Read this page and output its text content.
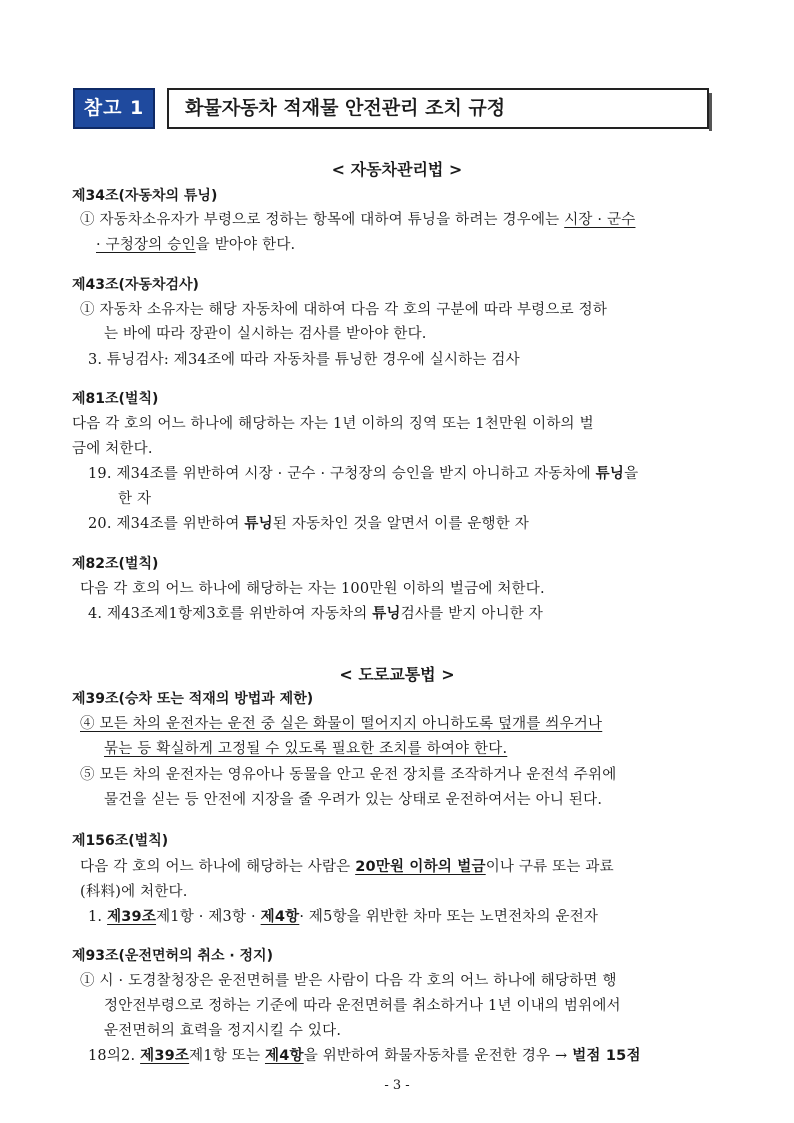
참고 1	화물자동차 적재물 안전관리 조치 규정
< 자동차관리법 >
제34조(자동차의 튜닝)
① 자동차소유자가 부령으로 정하는 항목에 대하여 튜닝을 하려는 경우에는 시장 · 군수
· 구청장의 승인을 받아야 한다.
제43조(자동차검사)
① 자동차 소유자는 해당 자동차에 대하여 다음 각 호의 구분에 따라 부령으로 정하
는 바에 따라 장관이 실시하는 검사를 받아야 한다.
3. 튜닝검사: 제34조에 따라 자동차를 튜닝한 경우에 실시하는 검사
제81조(벌칙)
다음 각 호의 어느 하나에 해당하는 자는 1년 이하의 징역 또는 1천만원 이하의 벌
금에 처한다.
19. 제34조를 위반하여 시장 · 군수 · 구청장의 승인을 받지 아니하고 자동차에 튜닝을
한 자
20. 제34조를 위반하여 튜닝된 자동차인 것을 알면서 이를 운행한 자
제82조(벌칙)
다음 각 호의 어느 하나에 해당하는 자는 100만원 이하의 벌금에 처한다.
4. 제43조제1항제3호를 위반하여 자동차의 튜닝검사를 받지 아니한 자
< 도로교통법 >
제39조(승차 또는 적재의 방법과 제한)
④ 모든 차의 운전자는 운전 중 실은 화물이 떨어지지 아니하도록 덮개를 씌우거나
묶는 등 확실하게 고정될 수 있도록 필요한 조치를 하여야 한다.
⑤ 모든 차의 운전자는 영유아나 동물을 안고 운전 장치를 조작하거나 운전석 주위에
물건을 싣는 등 안전에 지장을 줄 우려가 있는 상태로 운전하여서는 아니 된다.
제156조(벌칙)
다음 각 호의 어느 하나에 해당하는 사람은 20만원 이하의 벌금이나 구류 또는 과료
(科料)에 처한다.
1. 제39조제1항 · 제3항 · 제4항· 제5항을 위반한 차마 또는 노면전차의 운전자
제93조(운전면허의 취소 · 정지)
① 시 · 도경찰청장은 운전면허를 받은 사람이 다음 각 호의 어느 하나에 해당하면 행
정안전부령으로 정하는 기준에 따라 운전면허를 취소하거나 1년 이내의 범위에서
운전면허의 효력을 정지시킬 수 있다.
18의2. 제39조제1항 또는 제4항을 위반하여 화물자동차를 운전한 경우 → 벌점 15점
- 3 -
